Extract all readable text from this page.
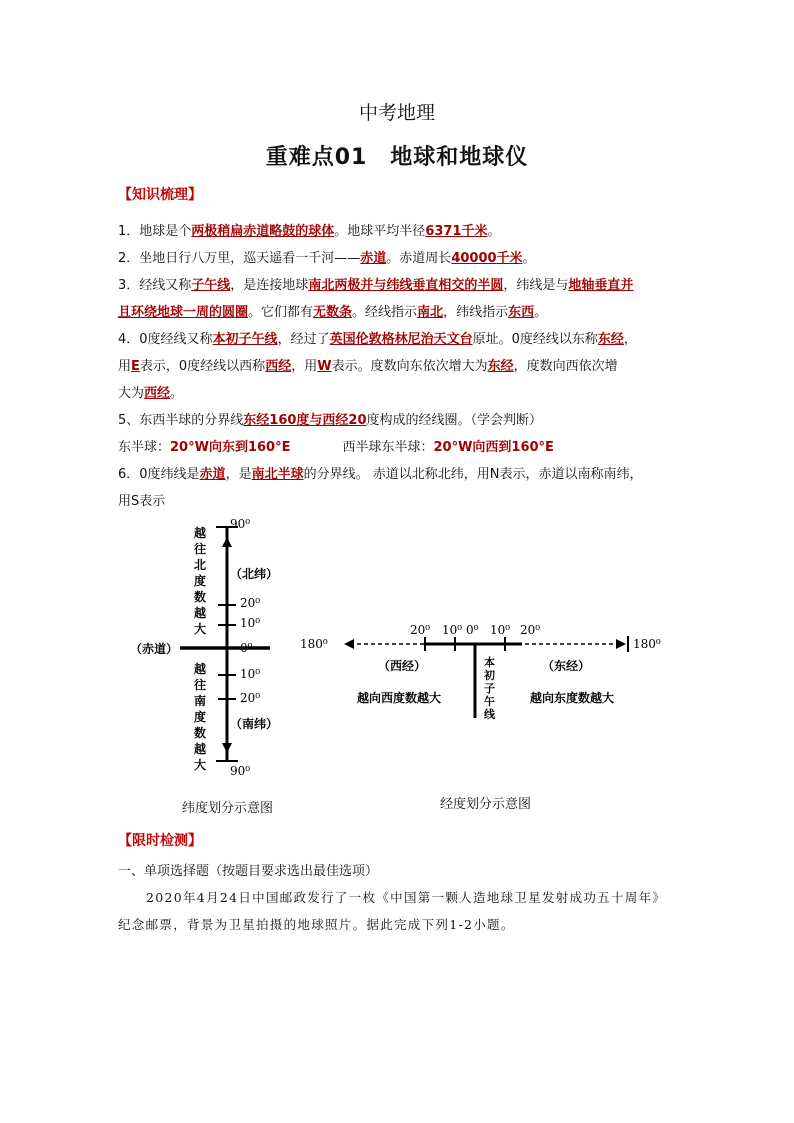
中考地理
重难点01　地球和地球仪
【知识梳理】
1．地球是个两极稍扁赤道略鼓的球体。地球平均半径6371千米。
2．坐地日行八万里，巡天遥看一千河——赤道。赤道周长40000千米。
3．经线又称子午线，是连接地球南北两极并与纬线垂直相交的半圆，纬线是与地轴垂直并
且环绕地球一周的圆圈。它们都有无数条。经线指示南北，纬线指示东西。
4．0度经线又称本初子午线，经过了英国伦敦格林尼治天文台原址。0度经线以东称东经，
用E表示，0度经线以西称西经，用W表示。度数向东依次增大为东经，度数向西依次增
大为西经。
5、东西半球的分界线东经160度与西经20度构成的经线圈。（学会判断）
东半球：20°W向东到160°E　　　　西半球东半球：20°W向西到160°E
6．0度纬线是赤道，是南北半球的分界线。 赤道以北称北纬，用N表示，赤道以南称南纬，
用S表示
90⁰
90⁰
（北纬）
（南纬）
（赤道）
20⁰
10⁰
0⁰
10⁰
20⁰
越
往
北
度
数
越
大
越
往
南
度
数
越
大
纬度划分示意图
180⁰	180⁰
20⁰ 10⁰ 0⁰ 10⁰ 20⁰
（西经）	（东经）
越向西度数越大	越向东度数越大
本
初
子
午
线
经度划分示意图
【限时检测】
一、单项选择题（按题目要求选出最佳选项）
2020年4月24日中国邮政发行了一枚《中国第一颗人造地球卫星发射成功五十周年》
纪念邮票，背景为卫星拍摄的地球照片。据此完成下列1-2小题。
